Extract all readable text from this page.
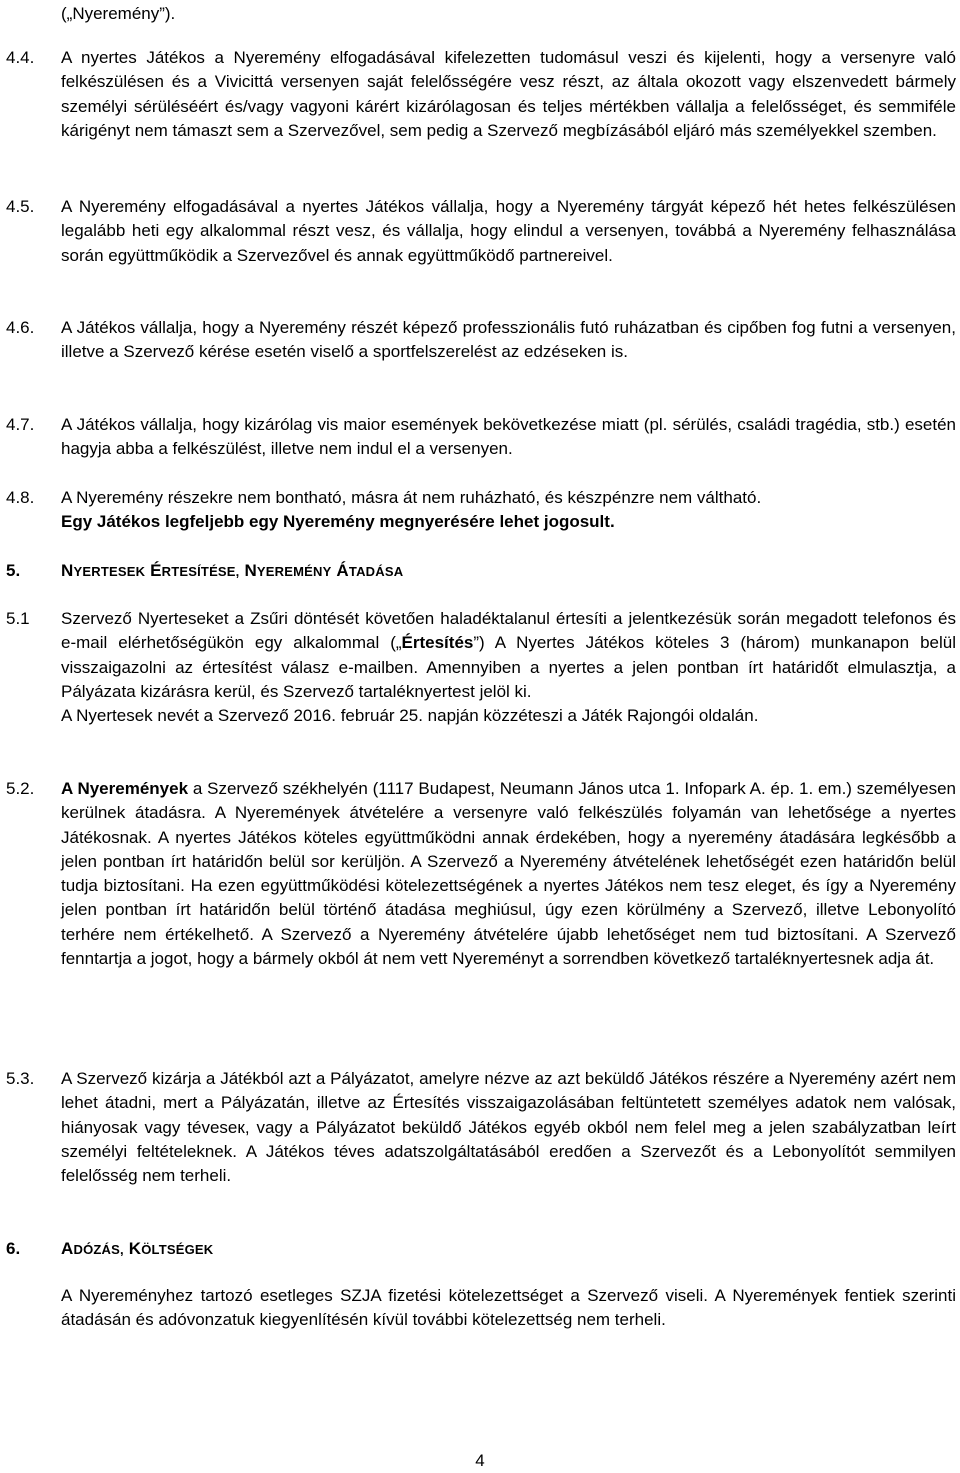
(„Nyeremény”).
4.4. A nyertes Játékos a Nyeremény elfogadásával kifelezetten tudomásul veszi és kijelenti, hogy a versenyre való felkészülésen és a Vivicittá versenyen saját felelősségére vesz részt, az általa okozott vagy elszenvedett bármely személyi sérüléséért és/vagy vagyoni kárért kizárólagosan és teljes mértékben vállalja a felelősséget, és semmiféle kárigényt nem támaszt sem a Szervezővel, sem pedig a Szervező megbízásából eljáró más személyekkel szemben.
4.5. A Nyeremény elfogadásával a nyertes Játékos vállalja, hogy a Nyeremény tárgyát képező hét hetes felkészülésen legalább heti egy alkalommal részt vesz, és vállalja, hogy elindul a versenyen, továbbá a Nyeremény felhasználása során együttműködik a Szervezővel és annak együttműködő partnereivel.
4.6. A Játékos vállalja, hogy a Nyeremény részét képező professzionális futó ruházatban és cipőben fog futni a versenyen, illetve a Szervező kérése esetén viselő a sportfelszerelést az edzéseken is.
4.7. A Játékos vállalja, hogy kizárólag vis maior események bekövetkezése miatt (pl. sérülés, családi tragédia, stb.) esetén hagyja abba a felkészülést, illetve nem indul el a versenyen.
4.8. A Nyeremény részekre nem bontható, másra át nem ruházható, és készpénzre nem váltható.
Egy Játékos legfeljebb egy Nyeremény megnyerésére lehet jogosult.
5. NYERTESEK ÉRTESÍTÉSE, NYEREMÉNY ÁTADÁSA
5.1 Szervező Nyerteseket a Zsűri döntését követően haladéktalanul értesíti a jelentkezésük során megadott telefonos és e-mail elérhetőségükön egy alkalommal („Értesítés”) A Nyertes Játékos köteles 3 (három) munkanapon belül visszaigazolni az értesítést válasz e-mailben. Amennyiben a nyertes a jelen pontban írt határidőt elmulasztja, a Pályázata kizárásra kerül, és Szervező tartaléknyertest jelöl ki.
A Nyertesek nevét a Szervező 2016. február 25. napján közzéteszi a Játék Rajongói oldalán.
5.2. A Nyeremények a Szervező székhelyén (1117 Budapest, Neumann János utca 1. Infopark A. ép. 1. em.) személyesen kerülnek átadásra. A Nyeremények átvételére a versenyre való felkészülés folyamán van lehetősége a nyertes Játékosnak. A nyertes Játékos köteles együttműködni annak érdekében, hogy a nyeremény átadására legkésőbb a jelen pontban írt határidőn belül sor kerüljön. A Szervező a Nyeremény átvételének lehetőségét ezen határidőn belül tudja biztosítani. Ha ezen együttműködési kötelezettségének a nyertes Játékos nem tesz eleget, és így a Nyeremény jelen pontban írt határidőn belül történő átadása meghiúsul, úgy ezen körülmény a Szervező, illetve Lebonyolító terhére nem értékelhető. A Szervező a Nyeremény átvételére újabb lehetőséget nem tud biztosítani. A Szervező fenntartja a jogot, hogy a bármely okból át nem vett Nyereményt a sorrendben következő tartaléknyertesnek adja át.
5.3. A Szervező kizárja a Játékból azt a Pályázatot, amelyre nézve az azt beküldő Játékos részére a Nyeremény azért nem lehet átadni, mert a Pályázatán, illetve az Értesítés visszaigazolásában feltüntetett személyes adatok nem valósak, hiányosak vagy téveseк, vagy a Pályázatot beküldő Játékos egyéb okból nem felel meg a jelen szabályzatban leírt személyi feltételeknek. A Játékos téves adatszolgáltatásából eredően a Szervezőt és a Lebonyolítót semmilyen felelősség nem terheli.
6. ADÓZÁS, KÖLTSÉGEK
A Nyereményhez tartozó esetleges SZJA fizetési kötelezettséget a Szervező viseli. A Nyeremények fentiek szerinti átadásán és adóvonzatuk kiegyenlítésén kívül további kötelezettség nem terheli.
4
